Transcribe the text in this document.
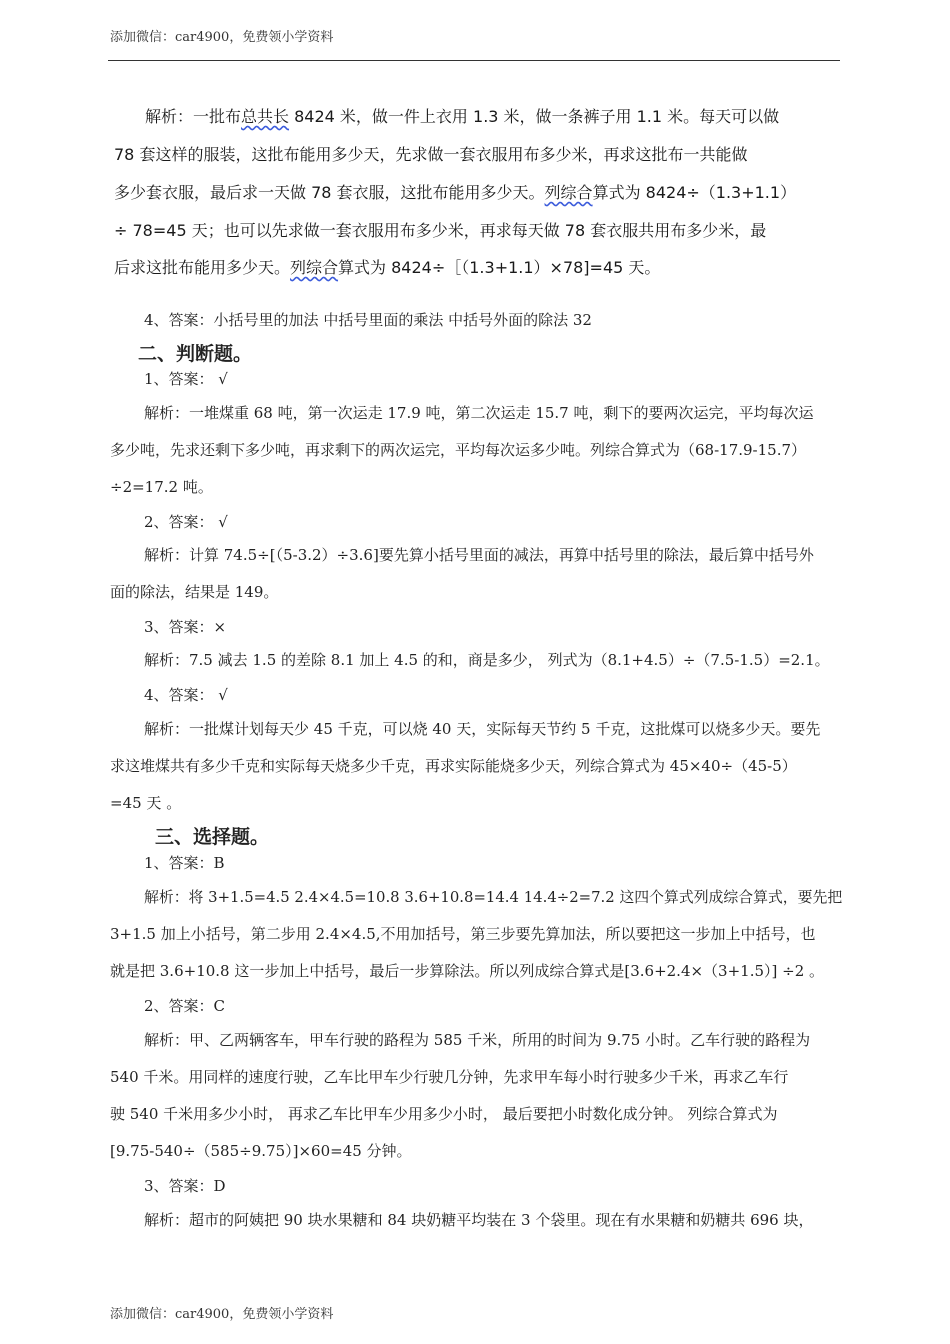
添加微信：car4900，免费领小学资料
解析：一批布总共长 8424 米，做一件上衣用 1.3 米，做一条裤子用 1.1 米。每天可以做
78 套这样的服装，这批布能用多少天，先求做一套衣服用布多少米，再求这批布一共能做
多少套衣服，最后求一天做 78 套衣服，这批布能用多少天。列综合算式为 8424÷（1.3+1.1）
÷ 78=45 天；也可以先求做一套衣服用布多少米，再求每天做 78 套衣服共用布多少米，最
后求这批布能用多少天。列综合算式为 8424÷［（1.3+1.1）×78]=45 天。
4、答案：小括号里的加法 中括号里面的乘法 中括号外面的除法 32
二、判断题。
1、答案： √
解析：一堆煤重 68 吨，第一次运走 17.9 吨，第二次运走 15.7 吨，剩下的要两次运完，平均每次运
多少吨，先求还剩下多少吨，再求剩下的两次运完，平均每次运多少吨。列综合算式为（68-17.9-15.7）
÷2=17.2 吨。
2、答案： √
解析：计算 74.5÷[（5-3.2）÷3.6]要先算小括号里面的减法，再算中括号里的除法，最后算中括号外
面的除法，结果是 149。
3、答案：×
解析：7.5 减去 1.5 的差除 8.1 加上 4.5 的和，商是多少， 列式为（8.1+4.5）÷（7.5-1.5）=2.1。
4、答案： √
解析：一批煤计划每天少 45 千克，可以烧 40 天，实际每天节约 5 千克，这批煤可以烧多少天。要先
求这堆煤共有多少千克和实际每天烧多少千克，再求实际能烧多少天，列综合算式为 45×40÷（45-5）
=45 天 。
三、选择题。
1、答案：B
解析：将 3+1.5=4.5 2.4×4.5=10.8 3.6+10.8=14.4 14.4÷2=7.2 这四个算式列成综合算式，要先把
3+1.5 加上小括号，第二步用 2.4×4.5,不用加括号，第三步要先算加法，所以要把这一步加上中括号，也
就是把 3.6+10.8 这一步加上中括号，最后一步算除法。所以列成综合算式是[3.6+2.4×（3+1.5）] ÷2 。
2、答案：C
解析：甲、乙两辆客车，甲车行驶的路程为 585 千米，所用的时间为 9.75 小时。乙车行驶的路程为
540 千米。用同样的速度行驶，乙车比甲车少行驶几分钟，先求甲车每小时行驶多少千米，再求乙车行
驶 540 千米用多少小时， 再求乙车比甲车少用多少小时， 最后要把小时数化成分钟。 列综合算式为
[9.75-540÷（585÷9.75）]×60=45 分钟。
3、答案：D
解析：超市的阿姨把 90 块水果糖和 84 块奶糖平均装在 3 个袋里。现在有水果糖和奶糖共 696 块，
添加微信：car4900，免费领小学资料
